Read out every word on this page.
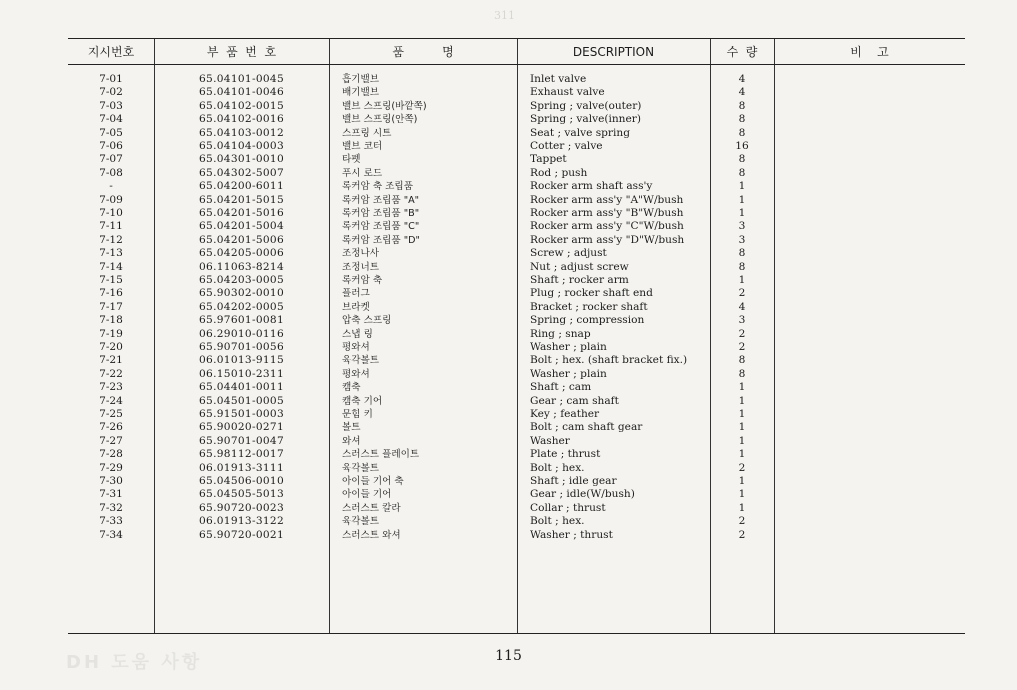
311
지시번호	부  품  번  호	품          명	DESCRIPTION	수  량	비    고
7-01	65.04101-0045	흡기밸브	Inlet valve	4
7-02	65.04101-0046	배기밸브	Exhaust valve	4
7-03	65.04102-0015	밸브 스프링(바깥쪽)	Spring ; valve(outer)	8
7-04	65.04102-0016	밸브 스프링(안쪽)	Spring ; valve(inner)	8
7-05	65.04103-0012	스프링 시트	Seat ; valve spring	8
7-06	65.04104-0003	밸브 코터	Cotter ; valve	16
7-07	65.04301-0010	타펫	Tappet	8
7-08	65.04302-5007	푸시 로드	Rod ; push	8
-	65.04200-6011	록커암 축 조립품	Rocker arm shaft ass'y	1
7-09	65.04201-5015	록커암 조립품 "A"	Rocker arm ass'y "A"W/bush	1
7-10	65.04201-5016	록커암 조립품 "B"	Rocker arm ass'y "B"W/bush	1
7-11	65.04201-5004	록커암 조립품 "C"	Rocker arm ass'y "C"W/bush	3
7-12	65.04201-5006	록커암 조립품 "D"	Rocker arm ass'y "D"W/bush	3
7-13	65.04205-0006	조정나사	Screw ; adjust	8
7-14	06.11063-8214	조정너트	Nut ; adjust screw	8
7-15	65.04203-0005	록커암 축	Shaft ; rocker arm	1
7-16	65.90302-0010	플러그	Plug ; rocker shaft end	2
7-17	65.04202-0005	브라켓	Bracket ; rocker shaft	4
7-18	65.97601-0081	압축 스프링	Spring ; compression	3
7-19	06.29010-0116	스냅 링	Ring ; snap	2
7-20	65.90701-0056	평와셔	Washer ; plain	2
7-21	06.01013-9115	육각볼트	Bolt ; hex. (shaft bracket fix.)	8
7-22	06.15010-2311	평와셔	Washer ; plain	8
7-23	65.04401-0011	캠축	Shaft ; cam	1
7-24	65.04501-0005	캠축 기어	Gear ; cam shaft	1
7-25	65.91501-0003	문힘 키	Key ; feather	1
7-26	65.90020-0271	볼트	Bolt ; cam shaft gear	1
7-27	65.90701-0047	와셔	Washer	1
7-28	65.98112-0017	스러스트 플레이트	Plate ; thrust	1
7-29	06.01913-3111	육각볼트	Bolt ; hex.	2
7-30	65.04506-0010	아이들 기어 축	Shaft ; idle gear	1
7-31	65.04505-5013	아이들 기어	Gear ; idle(W/bush)	1
7-32	65.90720-0023	스러스트 칼라	Collar ; thrust	1
7-33	06.01913-3122	육각볼트	Bolt ; hex.	2
7-34	65.90720-0021	스러스트 와셔	Washer ; thrust	2
DH 도움 사항	115
